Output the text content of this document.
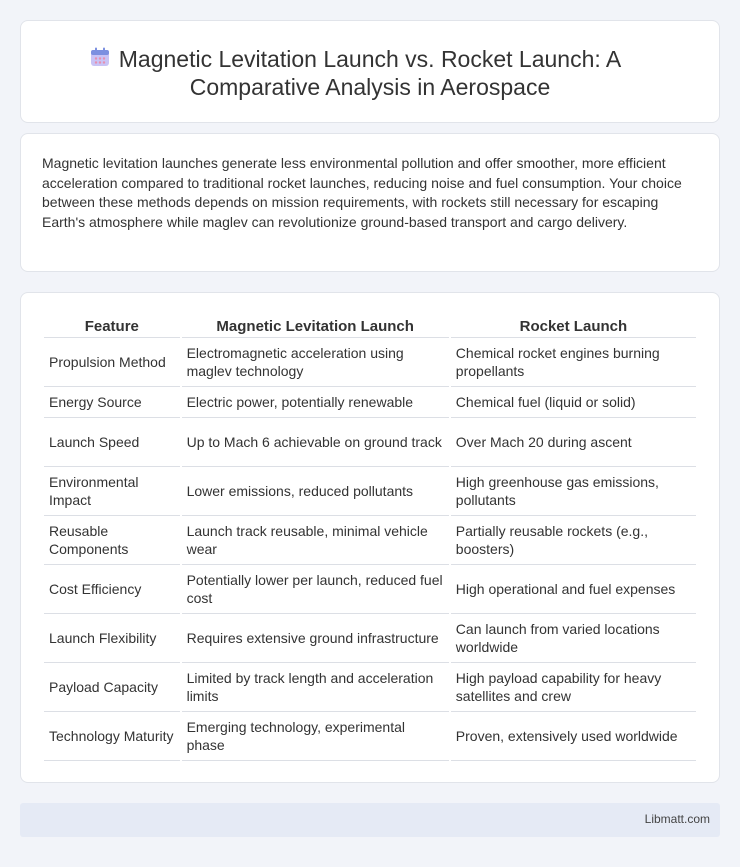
Magnetic Levitation Launch vs. Rocket Launch: A
Comparative Analysis in Aerospace

Magnetic levitation launches generate less environmental pollution and offer smoother, more efficient acceleration compared to traditional rocket launches, reducing noise and fuel consumption. Your choice between these methods depends on mission requirements, with rockets still necessary for escaping Earth's atmosphere while maglev can revolutionize ground-based transport and cargo delivery.

Feature	Magnetic Levitation Launch	Rocket Launch
Propulsion Method	Electromagnetic acceleration using maglev technology	Chemical rocket engines burning propellants
Energy Source	Electric power, potentially renewable	Chemical fuel (liquid or solid)
Launch Speed	Up to Mach 6 achievable on ground track	Over Mach 20 during ascent
Environmental Impact	Lower emissions, reduced pollutants	High greenhouse gas emissions, pollutants
Reusable Components	Launch track reusable, minimal vehicle wear	Partially reusable rockets (e.g., boosters)
Cost Efficiency	Potentially lower per launch, reduced fuel cost	High operational and fuel expenses
Launch Flexibility	Requires extensive ground infrastructure	Can launch from varied locations worldwide
Payload Capacity	Limited by track length and acceleration limits	High payload capability for heavy satellites and crew
Technology Maturity	Emerging technology, experimental phase	Proven, extensively used worldwide
Libmatt.com
